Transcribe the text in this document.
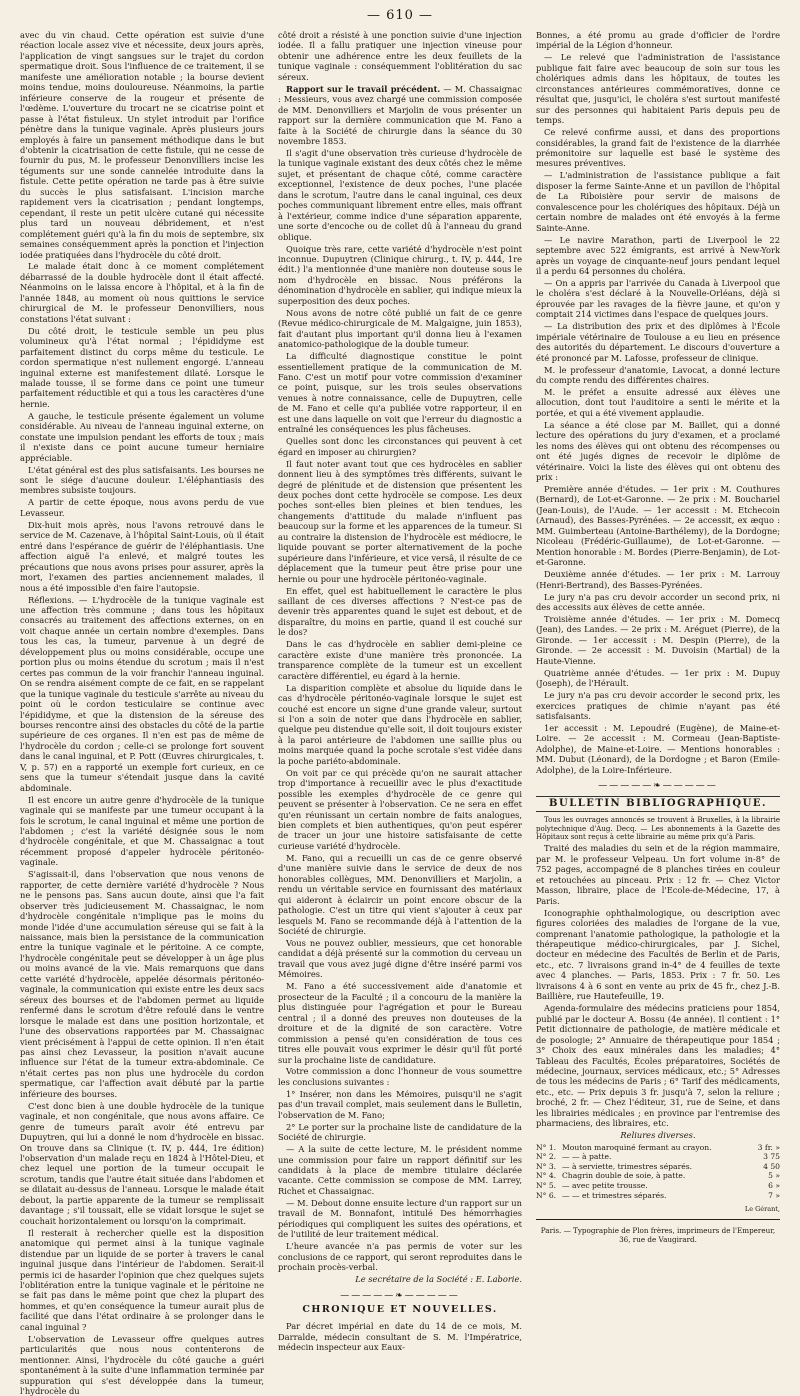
— 610 —

avec du vin chaud. Cette opération est suivie d'une réaction locale assez vive et nécessite, deux jours après, l'application de vingt sangsues sur le trajet du cordon spermatique droit. Sous l'influence de ce traitement, il se manifeste une amélioration notable ; la bourse devient moins tendue, moins douloureuse. Néanmoins, la partie inférieure conserve de la rougeur et présente de l'œdème. L'ouverture du trocart ne se cicatrise point et passe à l'état fistuleux. Un stylet introduit par l'orifice pénètre dans la tunique vaginale. Après plusieurs jours employés à faire un pansement méthodique dans le but d'obtenir la cicatrisation de cette fistule, qui ne cesse de fournir du pus, M. le professeur Denonvilliers incise les téguments sur une sonde cannelée introduite dans la fistule. Cette petite opération ne tarde pas à être suivie du succès le plus satisfaisant. L'incision marche rapidement vers la cicatrisation ; pendant longtemps, cependant, il reste un petit ulcère cutané qui nécessite plus tard un nouveau débridement, et n'est complétement guéri qu'à la fin du mois de septembre, six semaines conséquemment après la ponction et l'injection iodée pratiquées dans l'hydrocèle du côté droit.

Le malade était donc à ce moment complétement débarrassé de la double hydrocèle dont il était affecté. Néanmoins on le laissa encore à l'hôpital, et à la fin de l'année 1848, au moment où nous quittions le service chirurgical de M. le professeur Denonvilliers, nous constations l'état suivant :

Du côté droit, le testicule semble un peu plus volumineux qu'à l'état normal ; l'épididyme est parfaitement distinct du corps même du testicule. Le cordon spermatique n'est nullement engorgé. L'anneau inguinal externe est manifestement dilaté. Lorsque le malade tousse, il se forme dans ce point une tumeur parfaitement réductible et qui a tous les caractères d'une hernie.

A gauche, le testicule présente également un volume considérable. Au niveau de l'anneau inguinal externe, on constate une impulsion pendant les efforts de toux ; mais il n'existe dans ce point aucune tumeur herniaire appréciable.

L'état général est des plus satisfaisants. Les bourses ne sont le siége d'aucune douleur. L'éléphantiasis des membres subsiste toujours.

A partir de cette époque, nous avons perdu de vue Levasseur.

Dix-huit mois après, nous l'avons retrouvé dans le service de M. Cazenave, à l'hôpital Saint-Louis, où il était entré dans l'espérance de guérir de l'éléphantiasis. Une affection aiguë l'a enlevé, et malgré toutes les précautions que nous avons prises pour assurer, après la mort, l'examen des parties anciennement malades, il nous a été impossible d'en faire l'autopsie.

Réflexions. — L'hydrocèle de la tunique vaginale est une affection très commune ; dans tous les hôpitaux consacrés au traitement des affections externes, on en voit chaque année un certain nombre d'exemples. Dans tous les cas, la tumeur, parvenue à un degré de développement plus ou moins considérable, occupe une portion plus ou moins étendue du scrotum ; mais il n'est certes pas commun de la voir franchir l'anneau inguinal. On se rendra aisément compte de ce fait, en se rappelant que la tunique vaginale du testicule s'arrête au niveau du point où le cordon testiculaire se continue avec l'épididyme, et que la distension de la séreuse des bourses rencontre ainsi des obstacles du côté de la partie supérieure de ces organes. Il n'en est pas de même de l'hydrocèle du cordon ; celle-ci se prolonge fort souvent dans le canal inguinal, et P. Pott (Œuvres chirurgicales, t. V, p. 57) en a rapporté un exemple fort curieux, en ce sens que la tumeur s'étendait jusque dans la cavité abdominale.

Il est encore un autre genre d'hydrocèle de la tunique vaginale qui se manifeste par une tumeur occupant à la fois le scrotum, le canal inguinal et même une portion de l'abdomen ; c'est la variété désignée sous le nom d'hydrocèle congénitale, et que M. Chassaignac a tout récemment proposé d'appeler hydrocèle péritonéo-vaginale.

S'agissait-il, dans l'observation que nous venons de rapporter, de cette dernière variété d'hydrocèle ? Nous ne le pensons pas. Sans aucun doute, ainsi que l'a fait observer très judicieusement M. Chassaignac, le nom d'hydrocèle congénitale n'implique pas le moins du monde l'idée d'une accumulation séreuse qui se fait à la naissance, mais bien la persistance de la communication entre la tunique vaginale et le péritoine. A ce compte, l'hydrocèle congénitale peut se développer à un âge plus ou moins avancé de la vie. Mais remarquons que dans cette variété d'hydrocèle, appelée désormais péritonéo-vaginale, la communication qui existe entre les deux sacs séreux des bourses et de l'abdomen permet au liquide renfermé dans le scrotum d'être refoulé dans le ventre lorsque le malade est dans une position horizontale, et l'une des observations rapportées par M. Chassaignac vient précisément à l'appui de cette opinion. Il n'en était pas ainsi chez Levasseur, la position n'avait aucune influence sur l'état de la tumeur extra-abdominale. Ce n'était certes pas non plus une hydrocèle du cordon spermatique, car l'affection avait débuté par la partie inférieure des bourses.

C'est donc bien à une double hydrocèle de la tunique vaginale, et non congénitale, que nous avons affaire. Ce genre de tumeurs paraît avoir été entrevu par Dupuytren, qui lui a donné le nom d'hydrocèle en bissac. On trouve dans sa Clinique (t. IV, p. 444, 1re édition) l'observation d'un malade reçu en 1824 à l'Hôtel-Dieu, et chez lequel une portion de la tumeur occupait le scrotum, tandis que l'autre était située dans l'abdomen et se dilatait au-dessus de l'anneau. Lorsque le malade était debout, la partie apparente de la tumeur se remplissait davantage ; s'il toussait, elle se vidait lorsque le sujet se couchait horizontalement ou lorsqu'on la comprimait.

Il resterait à rechercher quelle est la disposition anatomique qui permet ainsi à la tunique vaginale distendue par un liquide de se porter à travers le canal inguinal jusque dans l'intérieur de l'abdomen. Serait-il permis ici de hasarder l'opinion que chez quelques sujets l'oblitération entre la tunique vaginale et le péritoine ne se fait pas dans le même point que chez la plupart des hommes, et qu'en conséquence la tumeur aurait plus de facilité que dans l'état ordinaire à se prolonger dans le canal inguinal ?

L'observation de Levasseur offre quelques autres particularités que nous nous contenterons de mentionner. Ainsi, l'hydrocèle du côté gauche a guéri spontanément à la suite d'une inflammation terminée par suppuration qui s'est développée dans la tumeur, l'hydrocèle du

côté droit a résisté à une ponction suivie d'une injection iodée. Il a fallu pratiquer une injection vineuse pour obtenir une adhérence entre les deux feuillets de la tunique vaginale : conséquemment l'oblitération du sac séreux.

Rapport sur le travail précédent. — M. Chassaignac : Messieurs, vous avez chargé une commission composée de MM. Denonvilliers et Marjolin de vous présenter un rapport sur la dernière communication que M. Fano a faite à la Société de chirurgie dans la séance du 30 novembre 1853.

Il s'agit d'une observation très curieuse d'hydrocèle de la tunique vaginale existant des deux côtés chez le même sujet, et présentant de chaque côté, comme caractère exceptionnel, l'existence de deux poches, l'une placée dans le scrotum, l'autre dans le canal inguinal, ces deux poches communiquant librement entre elles, mais offrant à l'extérieur, comme indice d'une séparation apparente, une sorte d'encoche ou de collet dû à l'anneau du grand oblique.

Quoique très rare, cette variété d'hydrocèle n'est point inconnue. Dupuytren (Clinique chirurg., t. IV, p. 444, 1re édit.) l'a mentionnée d'une manière non douteuse sous le nom d'hydrocèle en bissac. Nous préférons la dénomination d'hydrocèle en sablier, qui indique mieux la superposition des deux poches.

Nous avons de notre côté publié un fait de ce genre (Revue médico-chirurgicale de M. Malgaigne, juin 1853), fait d'autant plus important qu'il donna lieu à l'examen anatomico-pathologique de la double tumeur.

La difficulté diagnostique constitue le point essentiellement pratique de la communication de M. Fano. C'est un motif pour votre commission d'examiner ce point, puisque, sur les trois seules observations venues à notre connaissance, celle de Dupuytren, celle de M. Fano et celle qu'a publiée votre rapporteur, il en est une dans laquelle on voit que l'erreur du diagnostic a entraîné les conséquences les plus fâcheuses.

Quelles sont donc les circonstances qui peuvent à cet égard en imposer au chirurgien?

Il faut noter avant tout que ces hydrocèles en sablier donnent lieu à des symptômes très différents, suivant le degré de plénitude et de distension que présentent les deux poches dont cette hydrocèle se compose. Les deux poches sont-elles bien pleines et bien tendues, les changements d'attitude du malade n'influent pas beaucoup sur la forme et les apparences de la tumeur. Si au contraire la distension de l'hydrocèle est médiocre, le liquide pouvant se porter alternativement de la poche supérieure dans l'inférieure, et vice versâ, il résulte de ce déplacement que la tumeur peut être prise pour une hernie ou pour une hydrocèle péritonéo-vaginale.

En effet, quel est habituellement le caractère le plus saillant de ces diverses affections ? N'est-ce pas de devenir très apparentes quand le sujet est debout, et de disparaître, du moins en partie, quand il est couché sur le dos?

Dans le cas d'hydrocèle en sablier demi-pleine ce caractère existe d'une manière très prononcée. La transparence complète de la tumeur est un excellent caractère différentiel, eu égard à la hernie.

La disparition complète et absolue du liquide dans le cas d'hydrocèle péritonéo-vaginale lorsque le sujet est couché est encore un signe d'une grande valeur, surtout si l'on a soin de noter que dans l'hydrocèle en sablier, quelque peu distendue qu'elle soit, il doit toujours exister à la paroi antérieure de l'abdomen une saillie plus ou moins marquée quand la poche scrotale s'est vidée dans la poche pariéto-abdominale.

On voit par ce qui précède qu'on ne saurait attacher trop d'importance à recueillir avec le plus d'exactitude possible les exemples d'hydrocèle de ce genre qui peuvent se présenter à l'observation. Ce ne sera en effet qu'en réunissant un certain nombre de faits analogues, bien complets et bien authentiques, qu'on peut espérer de tracer un jour une histoire satisfaisante de cette curieuse variété d'hydrocèle.

M. Fano, qui a recueilli un cas de ce genre observé d'une manière suivie dans le service de deux de nos honorables collègues, MM. Denonvilliers et Marjolin, a rendu un véritable service en fournissant des matériaux qui aideront à éclaircir un point encore obscur de la pathologie. C'est un titre qui vient s'ajouter à ceux par lesquels M. Fano se recommande déjà à l'attention de la Société de chirurgie.

Vous ne pouvez oublier, messieurs, que cet honorable candidat a déjà présenté sur la commotion du cerveau un travail que vous avez jugé digne d'être inséré parmi vos Mémoires.

M. Fano a été successivement aide d'anatomie et prosecteur de la Faculté ; il a concouru de la manière la plus distinguée pour l'agrégation et pour le Bureau central ; il a donné des preuves non douteuses de la droiture et de la dignité de son caractère. Votre commission a pensé qu'en considération de tous ces titres elle pouvait vous exprimer le désir qu'il fût porté sur la prochaine liste de candidature.

Votre commission a donc l'honneur de vous soumettre les conclusions suivantes :

1° Insérer, non dans les Mémoires, puisqu'il ne s'agit pas d'un travail complet, mais seulement dans le Bulletin, l'observation de M. Fano;

2° Le porter sur la prochaine liste de candidature de la Société de chirurgie.

— A la suite de cette lecture, M. le président nomme une commission pour faire un rapport définitif sur les candidats à la place de membre titulaire déclarée vacante. Cette commission se compose de MM. Larrey, Richet et Chassaignac.

— M. Debout donne ensuite lecture d'un rapport sur un travail de M. Bonnafont, intitulé Des hémorrhagies périodiques qui compliquent les suites des opérations, et de l'utilité de leur traitement médical.

L'heure avancée n'a pas permis de voter sur les conclusions de ce rapport, qui seront reproduites dans le prochain procès-verbal.

Le secrétaire de la Société : E. Laborie.

—————❧—————
CHRONIQUE ET NOUVELLES.

Par décret impérial en date du 14 de ce mois, M. Darralde, médecin consultant de S. M. l'Impératrice, médecin inspecteur aux Eaux-

Bonnes, a été promu au grade d'officier de l'ordre impérial de la Légion d'honneur.

— Le relevé que l'administration de l'assistance publique fait faire avec beaucoup de soin sur tous les cholériques admis dans les hôpitaux, de toutes les circonstances antérieures commémoratives, donne ce résultat que, jusqu'ici, le choléra s'est surtout manifesté sur des personnes qui habitaient Paris depuis peu de temps.

Ce relevé confirme aussi, et dans des proportions considérables, la grand fait de l'existence de la diarrhée prémonitoire sur laquelle est basé le système des mesures préventives.

— L'administration de l'assistance publique a fait disposer la ferme Sainte-Anne et un pavillon de l'hôpital de La Riboisière pour servir de maisons de convalescence pour les cholériques des hôpitaux. Déjà un certain nombre de malades ont été envoyés à la ferme Sainte-Anne.

— Le navire Marathon, parti de Liverpool le 22 septembre avec 522 émigrants, est arrivé à New-York après un voyage de cinquante-neuf jours pendant lequel il a perdu 64 personnes du choléra.

— On a appris par l'arrivée du Canada à Liverpool que le choléra s'est déclaré à la Nouvelle-Orléans, déjà si éprouvée par les ravages de la fièvre jaune, et qu'on y comptait 214 victimes dans l'espace de quelques jours.

— La distribution des prix et des diplômes à l'École impériale vétérinaire de Toulouse a eu lieu en présence des autorités du département. Le discours d'ouverture a été prononcé par M. Lafosse, professeur de clinique.

M. le professeur d'anatomie, Lavocat, a donné lecture du compte rendu des différentes chaires.

M. le préfet a ensuite adressé aux élèves une allocution, dont tout l'auditoire a senti le mérite et la portée, et qui a été vivement applaudie.

La séance a été close par M. Baillet, qui a donné lecture des opérations du jury d'examen, et a proclamé les noms des élèves qui ont obtenu des récompenses ou ont été jugés dignes de recevoir le diplôme de vétérinaire. Voici la liste des élèves qui ont obtenu des prix :

Première année d'études. — 1er prix : M. Couthures (Bernard), de Lot-et-Garonne. — 2e prix : M. Bouchariel (Jean-Louis), de l'Aude. — 1er accessit : M. Etchecoin (Arnaud), des Basses-Pyrénées. — 2e accessit, ex æquo : MM. Guimberteau (Antoine-Barthélemy), de la Dordogne; Nicoleau (Frédéric-Guillaume), de Lot-et-Garonne. — Mention honorable : M. Bordes (Pierre-Benjamin), de Lot-et-Garonne.

Deuxième année d'études. — 1er prix : M. Larrouy (Henri-Bertrand), des Basses-Pyrénées.

Le jury n'a pas cru devoir accorder un second prix, ni des accessits aux élèves de cette année.

Troisième année d'études. — 1er prix : M. Domecq (Jean), des Landes. — 2e prix : M. Aréguet (Pierre), de la Gironde. — 1er accessit : M. Despin (Pierre), de la Gironde. — 2e accessit : M. Duvoisin (Martial) de la Haute-Vienne.

Quatrième année d'études. — 1er prix : M. Dupuy (Joseph), de l'Hérault.

Le jury n'a pas cru devoir accorder le second prix, les exercices pratiques de chimie n'ayant pas été satisfaisants.

1er accessit : M. Lepoudré (Eugène), de Maine-et-Loire. — 2e accessit : M. Cormeau (Jean-Baptiste-Adolphe), de Maine-et-Loire. — Mentions honorables : MM. Dubut (Léonard), de la Dordogne ; et Baron (Emile-Adolphe), de la Loire-Inférieure.

—————❧—————
BULLETIN BIBLIOGRAPHIQUE.

Tous les ouvrages annoncés se trouvent à Bruxelles, à la librairie polytechnique d'Aug. Decq. — Les abonnements à la Gazette des Hôpitaux sont reçus à cette librairie au même prix qu'à Paris.

Traité des maladies du sein et de la région mammaire, par M. le professeur Velpeau. Un fort volume in-8° de 752 pages, accompagné de 8 planches tirées en couleur et retouchées au pinceau. Prix : 12 fr. — Chez Victor Masson, libraire, place de l'Ecole-de-Médecine, 17, à Paris.

Iconographie ophthalmologique, ou description avec figures coloriées des maladies de l'organe de la vue, comprenant l'anatomie pathologique, la pathologie et la thérapeutique médico-chirurgicales, par J. Sichel, docteur en médecine des Facultés de Berlin et de Paris, etc., etc. 7 livraisons grand in-4° de 4 feuilles de texte avec 4 planches. — Paris, 1853. Prix : 7 fr. 50. Les livraisons 4 à 6 sont en vente au prix de 45 fr., chez J.-B. Baillière, rue Hautefeuille, 19.

Agenda-formulaire des médecins praticiens pour 1854, publié par le docteur A. Bossu (4e année). Il contient : 1° Petit dictionnaire de pathologie, de matière médicale et de posologie; 2° Annuaire de thérapeutique pour 1854 ; 3° Choix des eaux minérales dans les maladies; 4° Tableau des Facultés, Écoles préparatoires, Sociétés de médecine, journaux, services médicaux, etc.; 5° Adresses de tous les médecins de Paris ; 6° Tarif des médicaments, etc., etc. — Prix depuis 3 fr. jusqu'à 7, selon la reliure ; broché, 2 fr. — Chez l'éditeur, 31, rue de Seine, et dans les librairies médicales ; en province par l'entremise des pharmaciens, des libraires, etc.

Reliures diverses.
N° 1.	Mouton maroquiné fermant au crayon.	3 fr. »
N° 2.	— — à patte.	3 75
N° 3.	— à serviette, trimestres séparés.	4 50
N° 4.	Chagrin double de soie, à patte.	5 »
N° 5.	— avec petite trousse.	6 »
N° 6.	— — et trimestres séparés.	7 »
Le Gérant,
Paris. — Typographie de Plon frères, imprimeurs de l'Empereur, 36, rue de Vaugirard.
